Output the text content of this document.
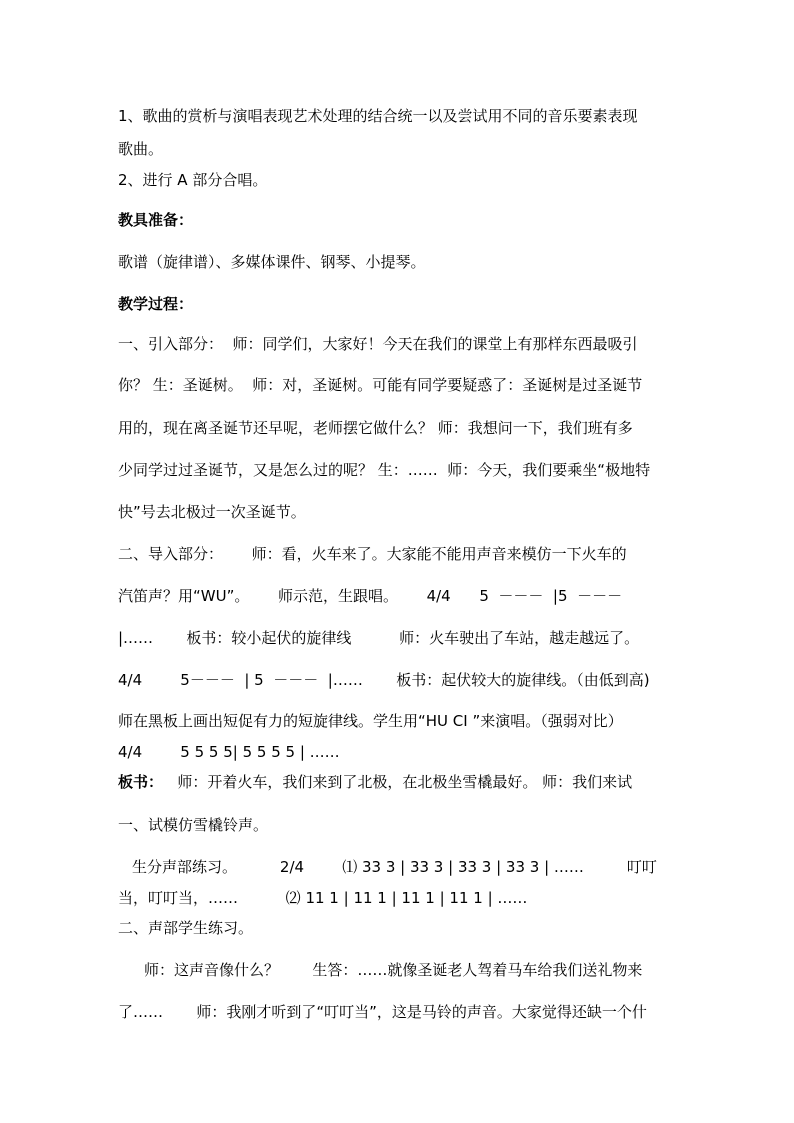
1、歌曲的赏析与演唱表现艺术处理的结合统一以及尝试用不同的音乐要素表现
歌曲。
2、进行 A 部分合唱。
教具准备：
歌谱（旋律谱）、多媒体课件、钢琴、小提琴。
教学过程：
一、引入部分：  师：同学们，大家好！今天在我们的课堂上有那样东西最吸引
你？ 生：圣诞树。  师：对，圣诞树。可能有同学要疑惑了：圣诞树是过圣诞节
用的，现在离圣诞节还早呢，老师摆它做什么？ 师：我想问一下，我们班有多
少同学过过圣诞节，又是怎么过的呢？ 生：……  师：今天，我们要乘坐“极地特
快”号去北极过一次圣诞节。
二、导入部分：      师：看，火车来了。大家能不能用声音来模仿一下火车的
汽笛声？用“WU”。      师示范，生跟唱。      4/4      5  －－－  |5  －－－
|……       板书：较小起伏的旋律线          师：火车驶出了车站，越走越远了。
4/4        5－－－  | 5  －－－  |……       板书：起伏较大的旋律线。（由低到高)
师在黑板上画出短促有力的短旋律线。学生用“HU CI ”来演唱。（强弱对比）
4/4        5 5 5 5| 5 5 5 5 | ……
板书：   师：开着火车，我们来到了北极，在北极坐雪橇最好。 师：我们来试
一、试模仿雪橇铃声。
生分声部练习。         2/4        ⑴ 33 3 | 33 3 | 33 3 | 33 3 | ……         叮叮
当，叮叮当，……          ⑵ 11 1 | 11 1 | 11 1 | 11 1 | ……
二、声部学生练习。
师：这声音像什么？       生答：……就像圣诞老人驾着马车给我们送礼物来
了……       师：我刚才听到了“叮叮当”，这是马铃的声音。大家觉得还缺一个什
